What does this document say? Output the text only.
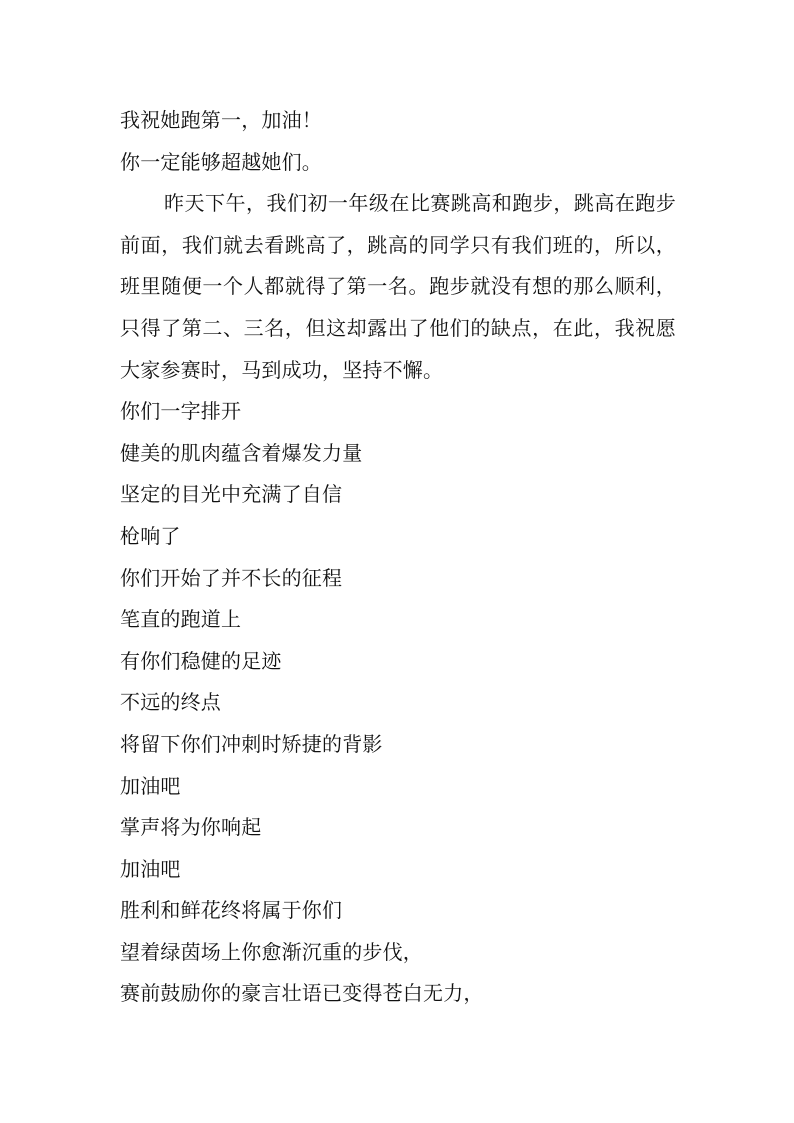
我祝她跑第一，加油！

你一定能够超越她们。

昨天下午，我们初一年级在比赛跳高和跑步，跳高在跑步前面，我们就去看跳高了，跳高的同学只有我们班的，所以，班里随便一个人都就得了第一名。跑步就没有想的那么顺利，只得了第二、三名，但这却露出了他们的缺点，在此，我祝愿大家参赛时，马到成功，坚持不懈。

你们一字排开

健美的肌肉蕴含着爆发力量

坚定的目光中充满了自信

枪响了

你们开始了并不长的征程

笔直的跑道上

有你们稳健的足迹

不远的终点

将留下你们冲刺时矫捷的背影

加油吧

掌声将为你响起

加油吧

胜利和鲜花终将属于你们

望着绿茵场上你愈渐沉重的步伐，

赛前鼓励你的豪言壮语已变得苍白无力，
